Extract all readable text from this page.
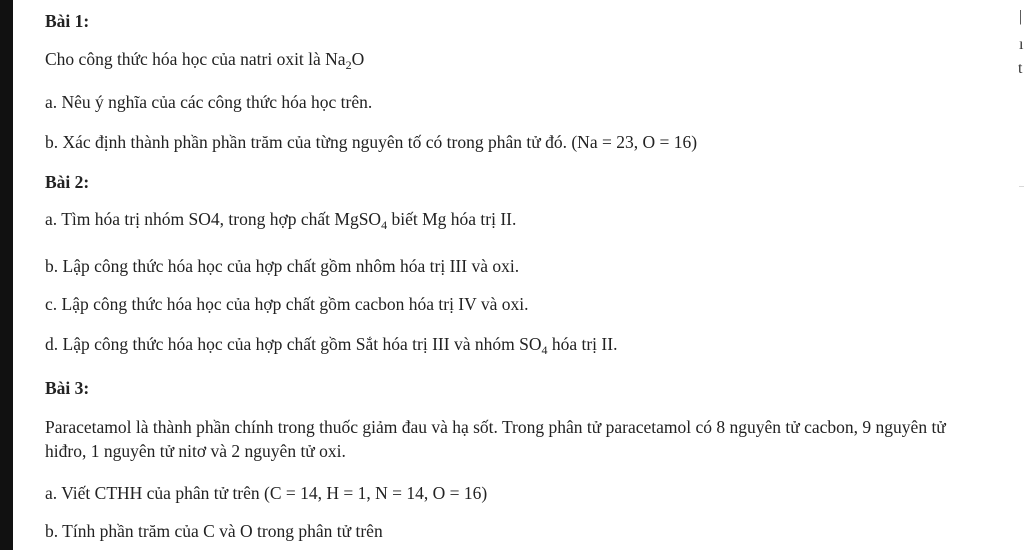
Bài 1:
Cho công thức hóa học của natri oxit là $Na_2O$
a. Nêu ý nghĩa của các công thức hóa học trên.
b. Xác định thành phần phần trăm của từng nguyên tố có trong phân tử đó. (Na = 23, O = 16)
Bài 2:
a. Tìm hóa trị nhóm SO4, trong hợp chất MgSO$_4$ biết Mg hóa trị II.
b. Lập công thức hóa học của hợp chất gồm nhôm hóa trị III và oxi.
c. Lập công thức hóa học của hợp chất gồm cacbon hóa trị IV và oxi.
d. Lập công thức hóa học của hợp chất gồm Sắt hóa trị III và nhóm $SO_4$ hóa trị II.
Bài 3:
Paracetamol là thành phần chính trong thuốc giảm đau và hạ sốt. Trong phân tử paracetamol có 8 nguyên tử cacbon, 9 nguyên tử hiđro, 1 nguyên tử nitơ và 2 nguyên tử oxi.
a. Viết CTHH của phân tử trên (C = 14, H = 1, N = 14, O = 16)
b. Tính phần trăm của C và O trong phân tử trên
|
ı
t
